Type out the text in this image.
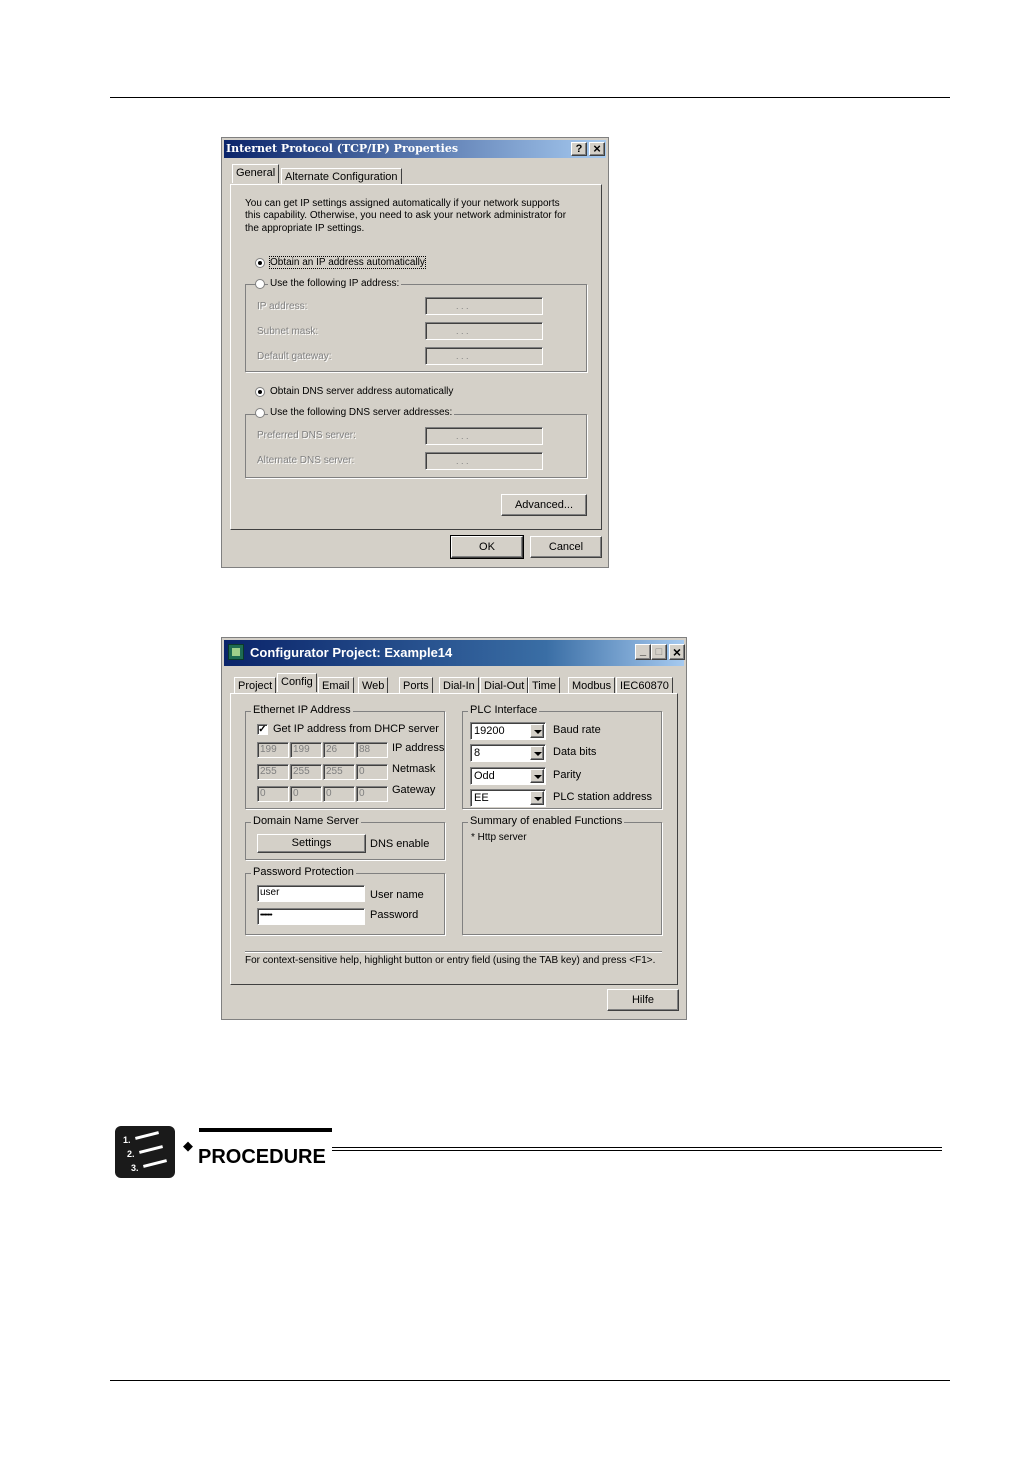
Internet Protocol (TCP/IP) Properties	? ×
General Alternate Configuration
You can get IP settings assigned automatically if your network supports
this capability. Otherwise, you need to ask your network administrator for
the appropriate IP settings.
Obtain an IP address automatically
Use the following IP address:
IP address:	. . .
Subnet mask:	. . .
Default gateway:	. . .
Obtain DNS server address automatically
Use the following DNS server addresses:
Preferred DNS server:	. . .
Alternate DNS server:	. . .
Advanced...
OK	Cancel
Configurator Project: Example14	_ □ ×
Project Config Email	Web	Ports	Dial-In Dial-Out Time	Modbus IEC60870
Ethernet IP Address
✓ Get IP address from DHCP server
199	199	26	88	IP address
255	255	255	0	Netmask
0	0	0	0	Gateway
Domain Name Server
Settings	DNS enable
Password Protection
user	User name
••••••••	Password
PLC Interface
19200	Baud rate
8	Data bits
Odd	Parity
EE	PLC station address
Summary of enabled Functions
* Http server
For context-sensitive help, highlight button or entry field (using the TAB key) and press <F1>.
Hilfe
1.
2.
3.
◆
PROCEDURE
